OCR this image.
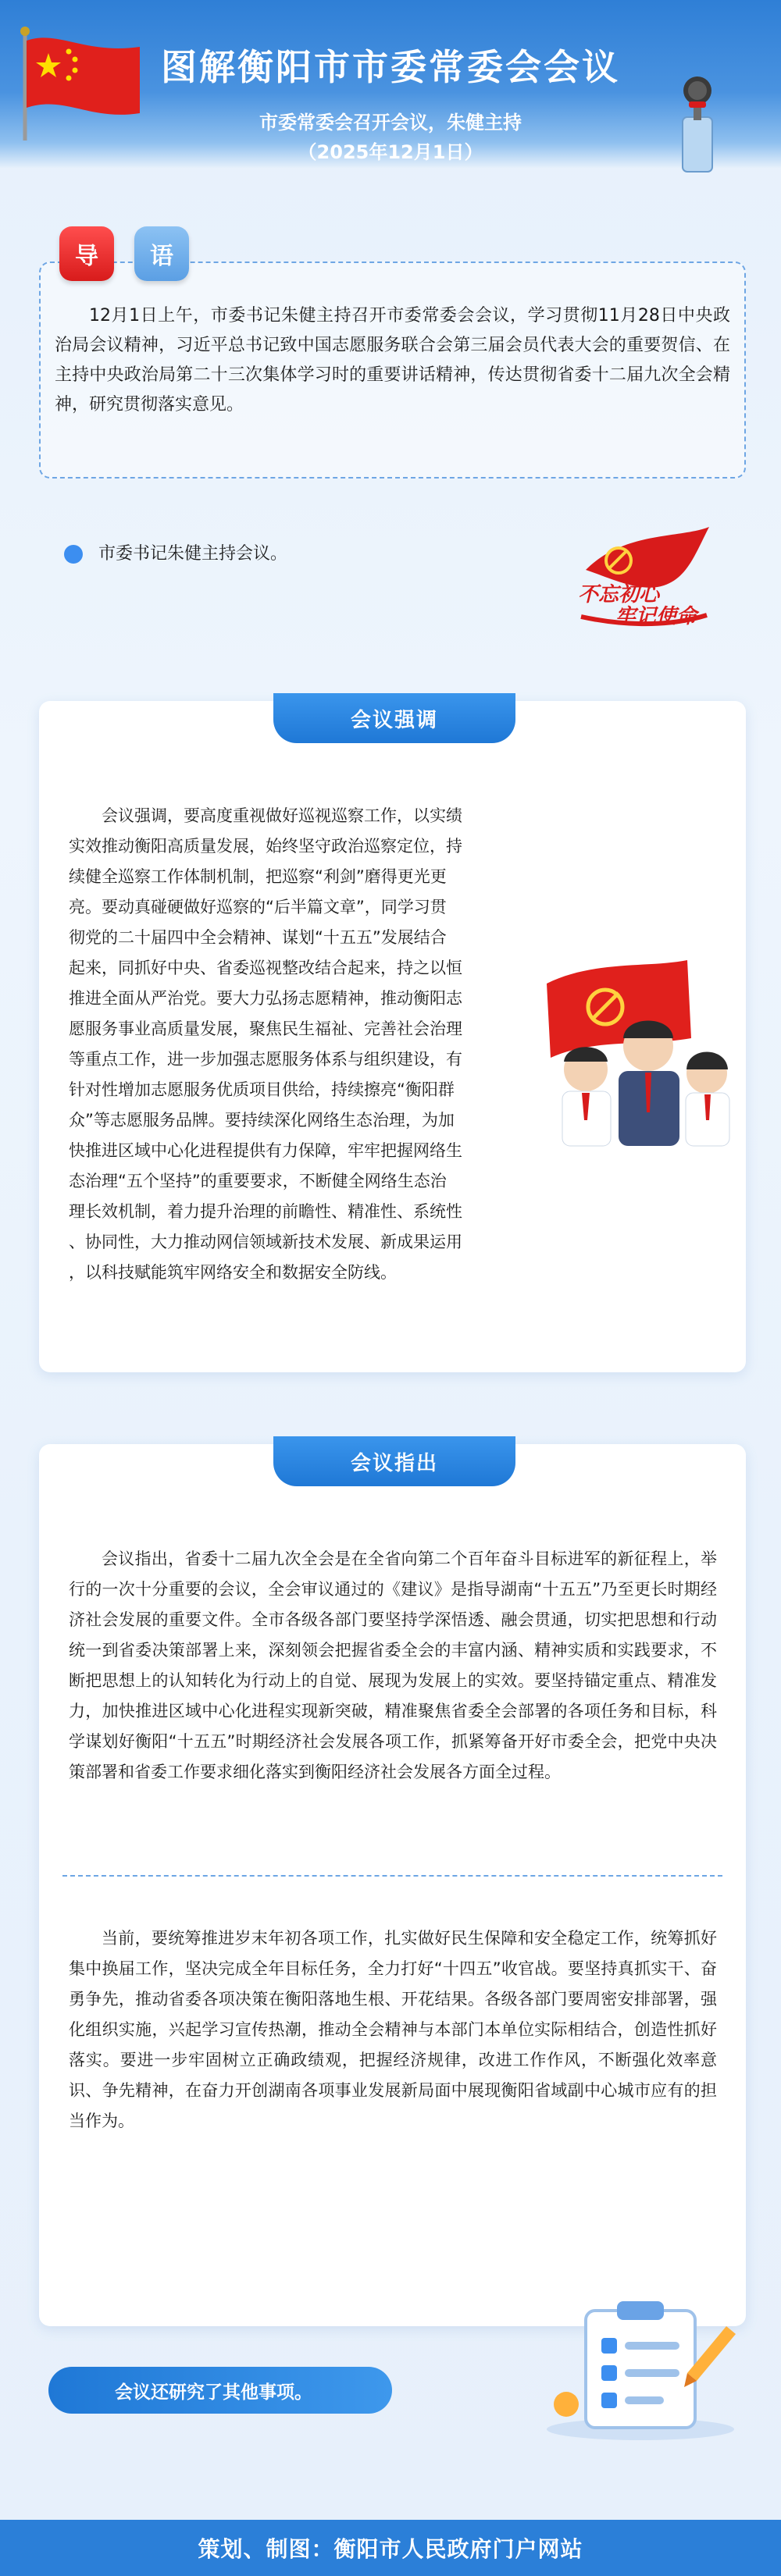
图解衡阳市市委常委会会议
市委常委会召开会议，朱健主持
（2025年12月1日）
导	语
12月1日上午，市委书记朱健主持召开市委常委会会议，学习贯彻11月28日中央政治局会议精神，习近平总书记致中国志愿服务联合会第三届会员代表大会的重要贺信、在主持中央政治局第二十三次集体学习时的重要讲话精神，传达贯彻省委十二届九次全会精神，研究贯彻落实意见。
市委书记朱健主持会议。
不忘初心
牢记使命
会议强调
会议强调，要高度重视做好巡视巡察工作，以实绩
实效推动衡阳高质量发展，始终坚守政治巡察定位，持
续健全巡察工作体制机制，把巡察“利剑”磨得更光更
亮。要动真碰硬做好巡察的“后半篇文章”，同学习贯
彻党的二十届四中全会精神、谋划“十五五”发展结合
起来，同抓好中央、省委巡视整改结合起来，持之以恒
推进全面从严治党。要大力弘扬志愿精神，推动衡阳志
愿服务事业高质量发展，聚焦民生福祉、完善社会治理
等重点工作，进一步加强志愿服务体系与组织建设，有
针对性增加志愿服务优质项目供给，持续擦亮“衡阳群
众”等志愿服务品牌。要持续深化网络生态治理，为加
快推进区域中心化进程提供有力保障，牢牢把握网络生
态治理“五个坚持”的重要要求，不断健全网络生态治
理长效机制，着力提升治理的前瞻性、精准性、系统性
、协同性，大力推动网信领域新技术发展、新成果运用
，以科技赋能筑牢网络安全和数据安全防线。
会议指出
会议指出，省委十二届九次全会是在全省向第二个百年奋斗目标进军的新征程上，举行的一次十分重要的会议，全会审议通过的《建议》是指导湖南“十五五”乃至更长时期经济社会发展的重要文件。全市各级各部门要坚持学深悟透、融会贯通，切实把思想和行动统一到省委决策部署上来，深刻领会把握省委全会的丰富内涵、精神实质和实践要求，不断把思想上的认知转化为行动上的自觉、展现为发展上的实效。要坚持锚定重点、精准发力，加快推进区域中心化进程实现新突破，精准聚焦省委全会部署的各项任务和目标，科学谋划好衡阳“十五五”时期经济社会发展各项工作，抓紧筹备开好市委全会，把党中央决策部署和省委工作要求细化落实到衡阳经济社会发展各方面全过程。
当前，要统筹推进岁末年初各项工作，扎实做好民生保障和安全稳定工作，统筹抓好集中换届工作，坚决完成全年目标任务，全力打好“十四五”收官战。要坚持真抓实干、奋勇争先，推动省委各项决策在衡阳落地生根、开花结果。各级各部门要周密安排部署，强化组织实施，兴起学习宣传热潮，推动全会精神与本部门本单位实际相结合，创造性抓好落实。要进一步牢固树立正确政绩观，把握经济规律，改进工作作风，不断强化效率意识、争先精神，在奋力开创湖南各项事业发展新局面中展现衡阳省域副中心城市应有的担当作为。
会议还研究了其他事项。
策划、制图：衡阳市人民政府门户网站
